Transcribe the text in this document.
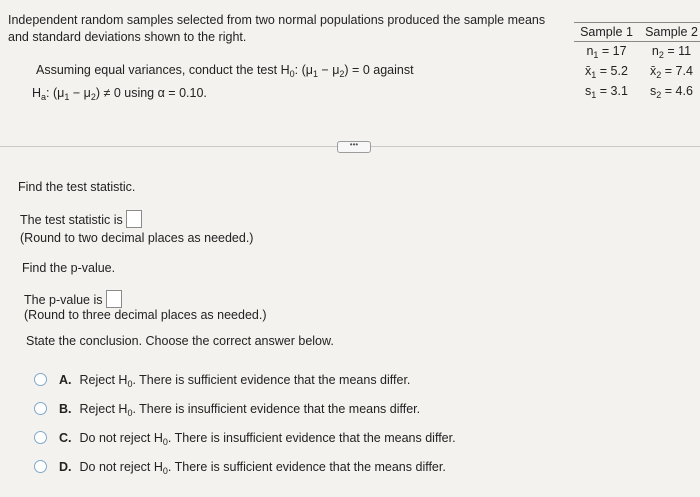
Independent random samples selected from two normal populations produced the sample means and standard deviations shown to the right.
Assuming equal variances, conduct the test $H_0$: $(\mu_1 - \mu_2) = 0$ against
$H_a$: $(\mu_1 - \mu_2) \ne 0$ using α = 0.10.
Sample 1	Sample 2
$n_1 = 17$	$n_2 = 11$
$x̄_1 = 5.2$	$x̄_2 = 7.4$
$s_1 = 3.1$	$s_2 = 4.6$
•••
Find the test statistic.
The test statistic is
(Round to two decimal places as needed.)
Find the p-value.
The p-value is
(Round to three decimal places as needed.)
State the conclusion. Choose the correct answer below.
A. Reject $H_0$. There is sufficient evidence that the means differ.
B. Reject $H_0$. There is insufficient evidence that the means differ.
C. Do not reject $H_0$. There is insufficient evidence that the means differ.
D. Do not reject $H_0$. There is sufficient evidence that the means differ.
